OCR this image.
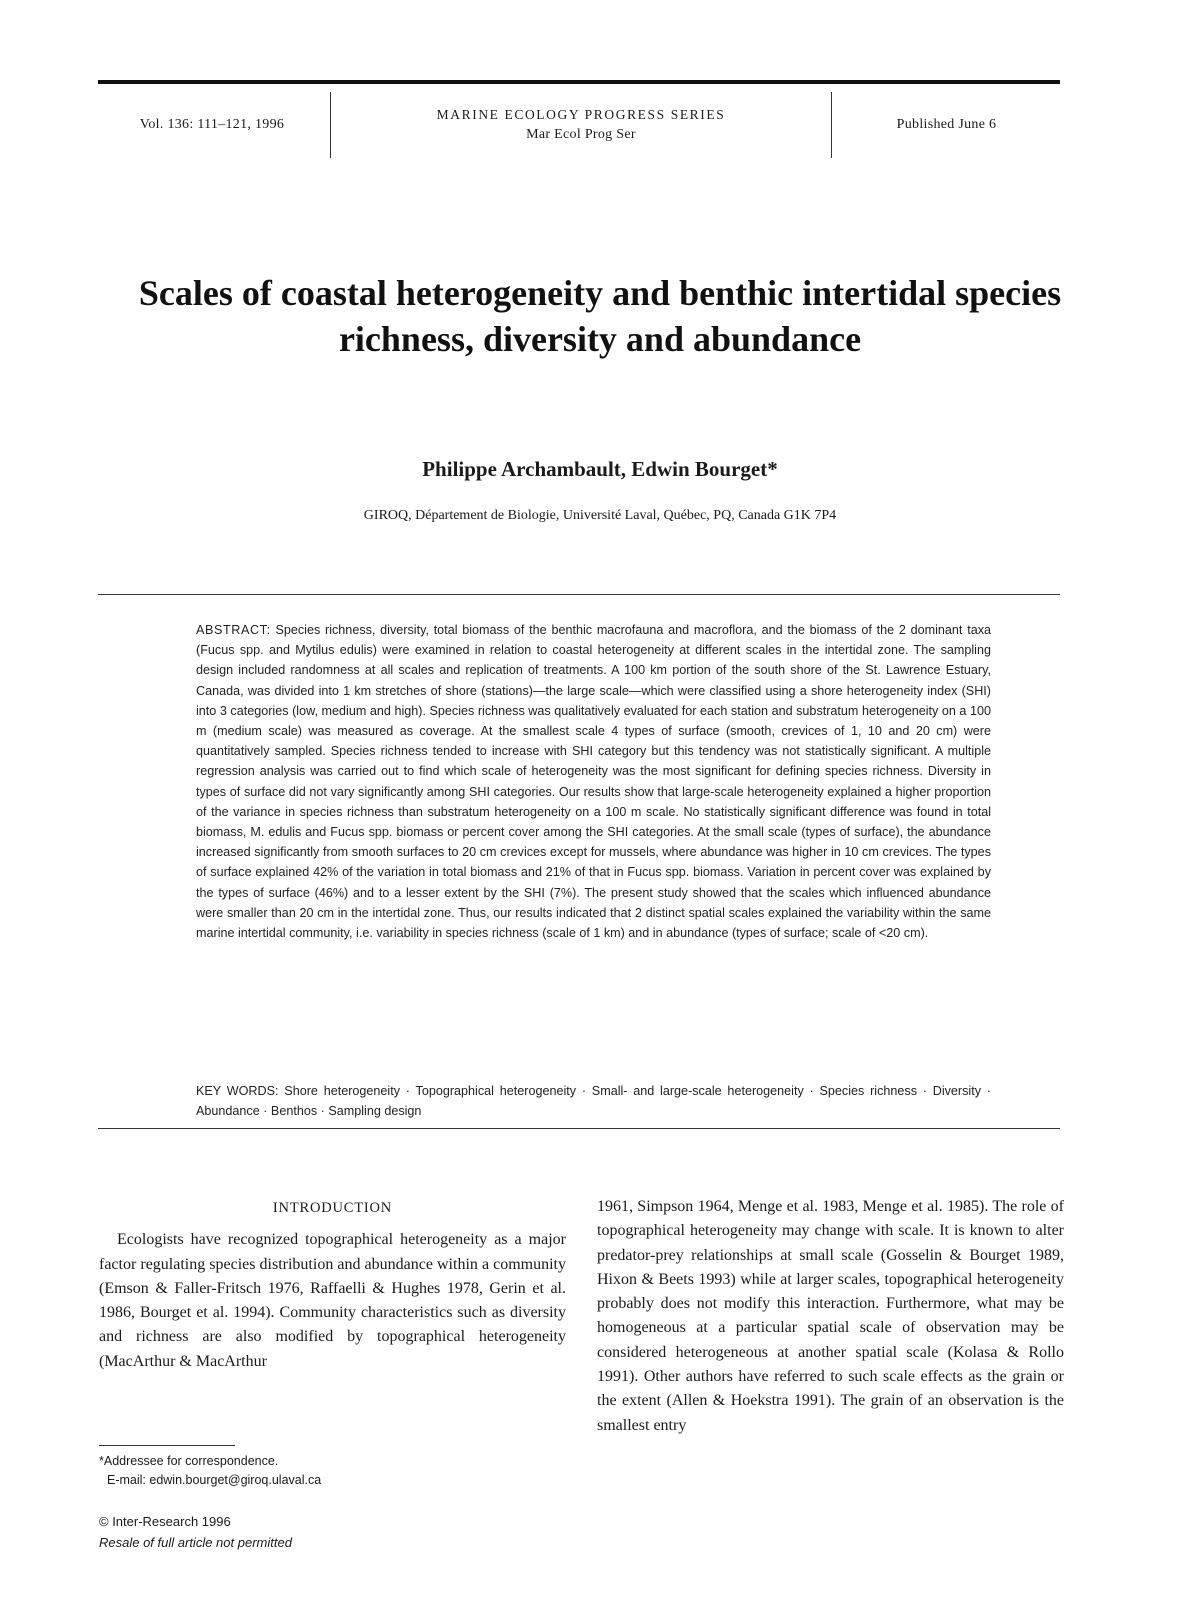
Vol. 136: 111–121, 1996
MARINE ECOLOGY PROGRESS SERIES
Mar Ecol Prog Ser
Published June 6
Scales of coastal heterogeneity and benthic intertidal species richness, diversity and abundance
Philippe Archambault, Edwin Bourget*
GIROQ, Département de Biologie, Université Laval, Québec, PQ, Canada G1K 7P4
ABSTRACT: Species richness, diversity, total biomass of the benthic macrofauna and macroflora, and the biomass of the 2 dominant taxa (Fucus spp. and Mytilus edulis) were examined in relation to coastal heterogeneity at different scales in the intertidal zone. The sampling design included randomness at all scales and replication of treatments. A 100 km portion of the south shore of the St. Lawrence Estuary, Canada, was divided into 1 km stretches of shore (stations)—the large scale—which were classified using a shore heterogeneity index (SHI) into 3 categories (low, medium and high). Species richness was qualitatively evaluated for each station and substratum heterogeneity on a 100 m (medium scale) was measured as coverage. At the smallest scale 4 types of surface (smooth, crevices of 1, 10 and 20 cm) were quantitatively sampled. Species richness tended to increase with SHI category but this tendency was not statistically significant. A multiple regression analysis was carried out to find which scale of heterogeneity was the most significant for defining species richness. Diversity in types of surface did not vary significantly among SHI categories. Our results show that large-scale heterogeneity explained a higher proportion of the variance in species richness than substratum heterogeneity on a 100 m scale. No statistically significant difference was found in total biomass, M. edulis and Fucus spp. biomass or percent cover among the SHI categories. At the small scale (types of surface), the abundance increased significantly from smooth surfaces to 20 cm crevices except for mussels, where abundance was higher in 10 cm crevices. The types of surface explained 42% of the variation in total biomass and 21% of that in Fucus spp. biomass. Variation in percent cover was explained by the types of surface (46%) and to a lesser extent by the SHI (7%). The present study showed that the scales which influenced abundance were smaller than 20 cm in the intertidal zone. Thus, our results indicated that 2 distinct spatial scales explained the variability within the same marine intertidal community, i.e. variability in species richness (scale of 1 km) and in abundance (types of surface; scale of <20 cm).
KEY WORDS: Shore heterogeneity · Topographical heterogeneity · Small- and large-scale heterogeneity · Species richness · Diversity · Abundance · Benthos · Sampling design
INTRODUCTION

Ecologists have recognized topographical heterogeneity as a major factor regulating species distribution and abundance within a community (Emson & Faller-Fritsch 1976, Raffaelli & Hughes 1978, Gerin et al. 1986, Bourget et al. 1994). Community characteristics such as diversity and richness are also modified by topographical heterogeneity (MacArthur & MacArthur

1961, Simpson 1964, Menge et al. 1983, Menge et al. 1985). The role of topographical heterogeneity may change with scale. It is known to alter predator-prey relationships at small scale (Gosselin & Bourget 1989, Hixon & Beets 1993) while at larger scales, topographical heterogeneity probably does not modify this interaction. Furthermore, what may be homogeneous at a particular spatial scale of observation may be considered heterogeneous at another spatial scale (Kolasa & Rollo 1991). Other authors have referred to such scale effects as the grain or the extent (Allen & Hoekstra 1991). The grain of an observation is the smallest entry

*Addressee for correspondence.
E-mail: edwin.bourget@giroq.ulaval.ca
© Inter-Research 1996
Resale of full article not permitted
